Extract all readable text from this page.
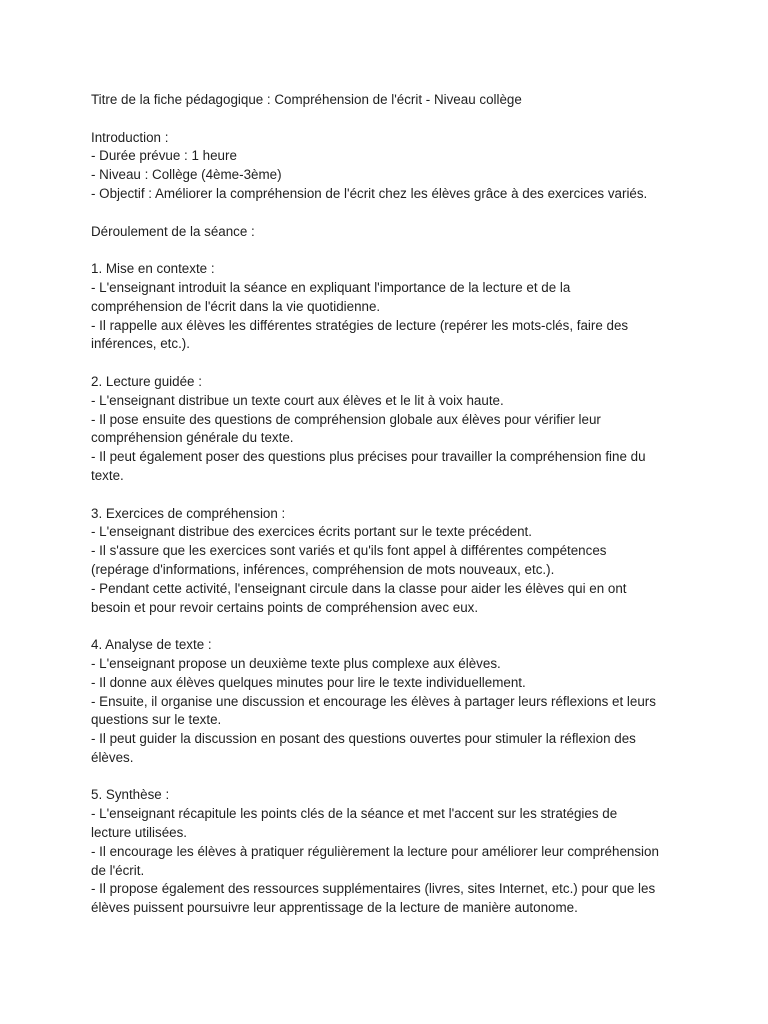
Titre de la fiche pédagogique : Compréhension de l'écrit - Niveau collège
Introduction :
- Durée prévue : 1 heure
- Niveau : Collège (4ème-3ème)
- Objectif : Améliorer la compréhension de l'écrit chez les élèves grâce à des exercices variés.
Déroulement de la séance :
1. Mise en contexte :
- L'enseignant introduit la séance en expliquant l'importance de la lecture et de la
compréhension de l'écrit dans la vie quotidienne.
- Il rappelle aux élèves les différentes stratégies de lecture (repérer les mots-clés, faire des
inférences, etc.).
2. Lecture guidée :
- L'enseignant distribue un texte court aux élèves et le lit à voix haute.
- Il pose ensuite des questions de compréhension globale aux élèves pour vérifier leur
compréhension générale du texte.
- Il peut également poser des questions plus précises pour travailler la compréhension fine du
texte.
3. Exercices de compréhension :
- L'enseignant distribue des exercices écrits portant sur le texte précédent.
- Il s'assure que les exercices sont variés et qu'ils font appel à différentes compétences
(repérage d'informations, inférences, compréhension de mots nouveaux, etc.).
- Pendant cette activité, l'enseignant circule dans la classe pour aider les élèves qui en ont
besoin et pour revoir certains points de compréhension avec eux.
4. Analyse de texte :
- L'enseignant propose un deuxième texte plus complexe aux élèves.
- Il donne aux élèves quelques minutes pour lire le texte individuellement.
- Ensuite, il organise une discussion et encourage les élèves à partager leurs réflexions et leurs
questions sur le texte.
- Il peut guider la discussion en posant des questions ouvertes pour stimuler la réflexion des
élèves.
5. Synthèse :
- L'enseignant récapitule les points clés de la séance et met l'accent sur les stratégies de
lecture utilisées.
- Il encourage les élèves à pratiquer régulièrement la lecture pour améliorer leur compréhension
de l'écrit.
- Il propose également des ressources supplémentaires (livres, sites Internet, etc.) pour que les
élèves puissent poursuivre leur apprentissage de la lecture de manière autonome.
